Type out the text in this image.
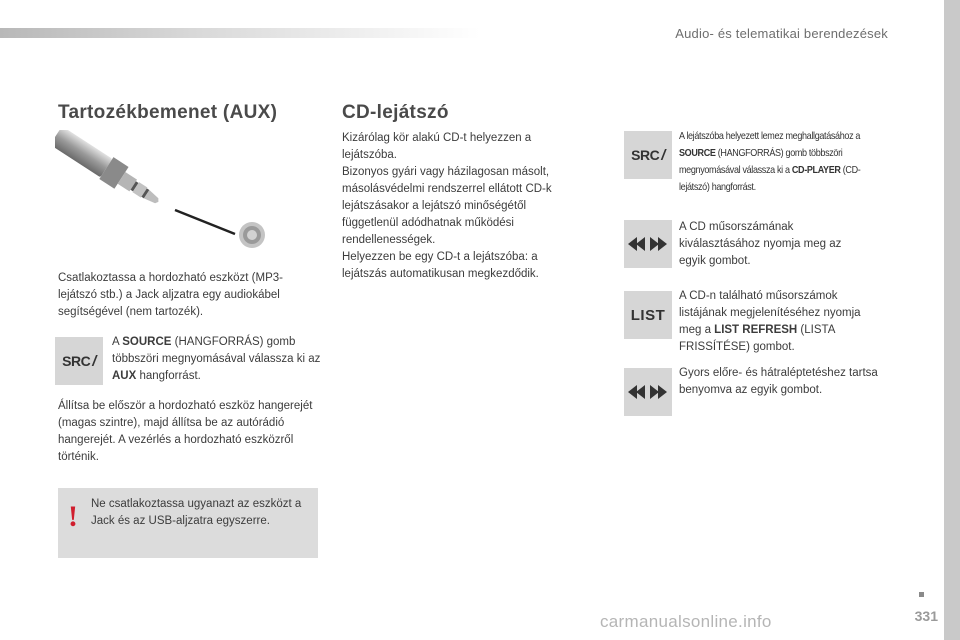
Audio- és telematikai berendezések
Tartozékbemenet (AUX)
Csatlakoztassa a hordozható eszközt (MP3-lejátszó stb.) a Jack aljzatra egy audiokábel segítségével (nem tartozék).
SRC /
A SOURCE (HANGFORRÁS) gomb többszöri megnyomásával válassza ki az AUX hangforrást.
Állítsa be először a hordozható eszköz hangerejét (magas szintre), majd állítsa be az autórádió hangerejét. A vezérlés a hordozható eszközről történik.
! Ne csatlakoztassa ugyanazt az eszközt a Jack és az USB-aljzatra egyszerre.
CD-lejátszó
Kizárólag kör alakú CD-t helyezzen a lejátszóba.
Bizonyos gyári vagy házilagosan másolt, másolásvédelmi rendszerrel ellátott CD-k lejátszásakor a lejátszó minőségétől függetlenül adódhatnak működési rendellenességek.
Helyezzen be egy CD-t a lejátszóba: a lejátszás automatikusan megkezdődik.
SRC /
A lejátszóba helyezett lemez meghallgatásához a SOURCE (HANGFORRÁS) gomb többszöri megnyomásával válassza ki a CD-PLAYER (CD-lejátszó) hangforrást.
A CD műsorszámának kiválasztásához nyomja meg az egyik gombot.
LIST
A CD-n található műsorszámok listájának megjelenítéséhez nyomja meg a LIST REFRESH (LISTA FRISSÍTÉSE) gombot.
Gyors előre- és hátraléptetéshez tartsa benyomva az egyik gombot.
331
carmanualsonline.info
